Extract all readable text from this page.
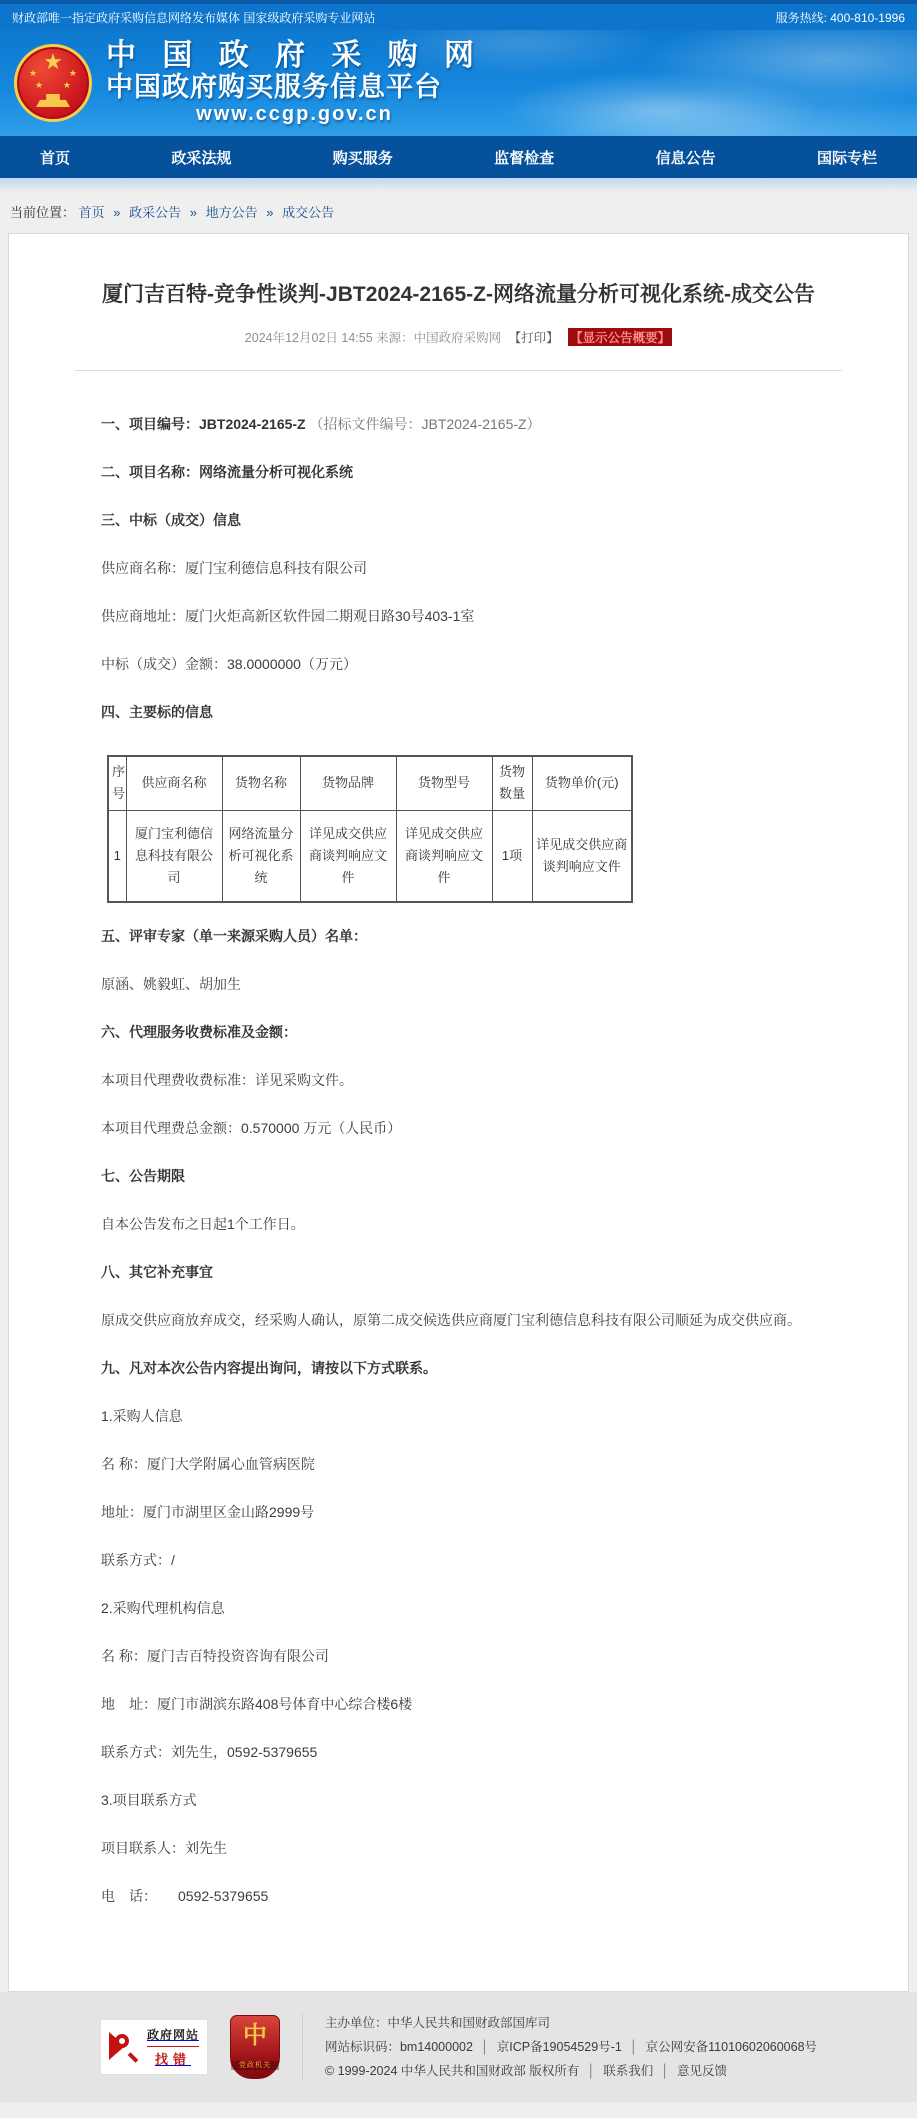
财政部唯一指定政府采购信息网络发布媒体 国家级政府采购专业网站	服务热线: 400-810-1996
★
★	★
★ ★
中 国 政 府 采 购 网
中国政府购买服务信息平台
www.ccgp.gov.cn
首页	政采法规	购买服务	监督检查	信息公告	国际专栏
当前位置： 首页 » 政采公告 » 地方公告 » 成交公告
厦门吉百特-竞争性谈判-JBT2024-2165-Z-网络流量分析可视化系统-成交公告
2024年12月02日 14:55 来源：中国政府采购网 【打印】 【显示公告概要】

一、项目编号：JBT2024-2165-Z （招标文件编号：JBT2024-2165-Z）

二、项目名称：网络流量分析可视化系统

三、中标（成交）信息

供应商名称：厦门宝利德信息科技有限公司

供应商地址：厦门火炬高新区软件园二期观日路30号403-1室

中标（成交）金额：38.0000000（万元）

四、主要标的信息

序号	供应商名称	货物名称	货物品牌	货物型号	货物数量	货物单价(元)
1	厦门宝利德信息科技有限公司	网络流量分析可视化系统	详见成交供应商谈判响应文件	详见成交供应商谈判响应文件	1项	详见成交供应商谈判响应文件

五、评审专家（单一来源采购人员）名单：

原涵、姚毅虹、胡加生

六、代理服务收费标准及金额：

本项目代理费收费标准：详见采购文件。

本项目代理费总金额：0.570000 万元（人民币）

七、公告期限

自本公告发布之日起1个工作日。

八、其它补充事宜

原成交供应商放弃成交，经采购人确认，原第二成交候选供应商厦门宝利德信息科技有限公司顺延为成交供应商。

九、凡对本次公告内容提出询问，请按以下方式联系。

1.采购人信息

名 称：厦门大学附属心血管病医院

地址：厦门市湖里区金山路2999号

联系方式：/

2.采购代理机构信息

名 称：厦门吉百特投资咨询有限公司

地　址：厦门市湖滨东路408号体育中心综合楼6楼

联系方式：刘先生，0592-5379655

3.项目联系方式

项目联系人：刘先生

电　话：　　0592-5379655

政府网站
找错
中
党政机关
主办单位：中华人民共和国财政部国库司
网站标识码：bm14000002 │ 京ICP备19054529号-1 │ 京公网安备11010602060068号
© 1999-2024 中华人民共和国财政部 版权所有 │ 联系我们 │ 意见反馈
